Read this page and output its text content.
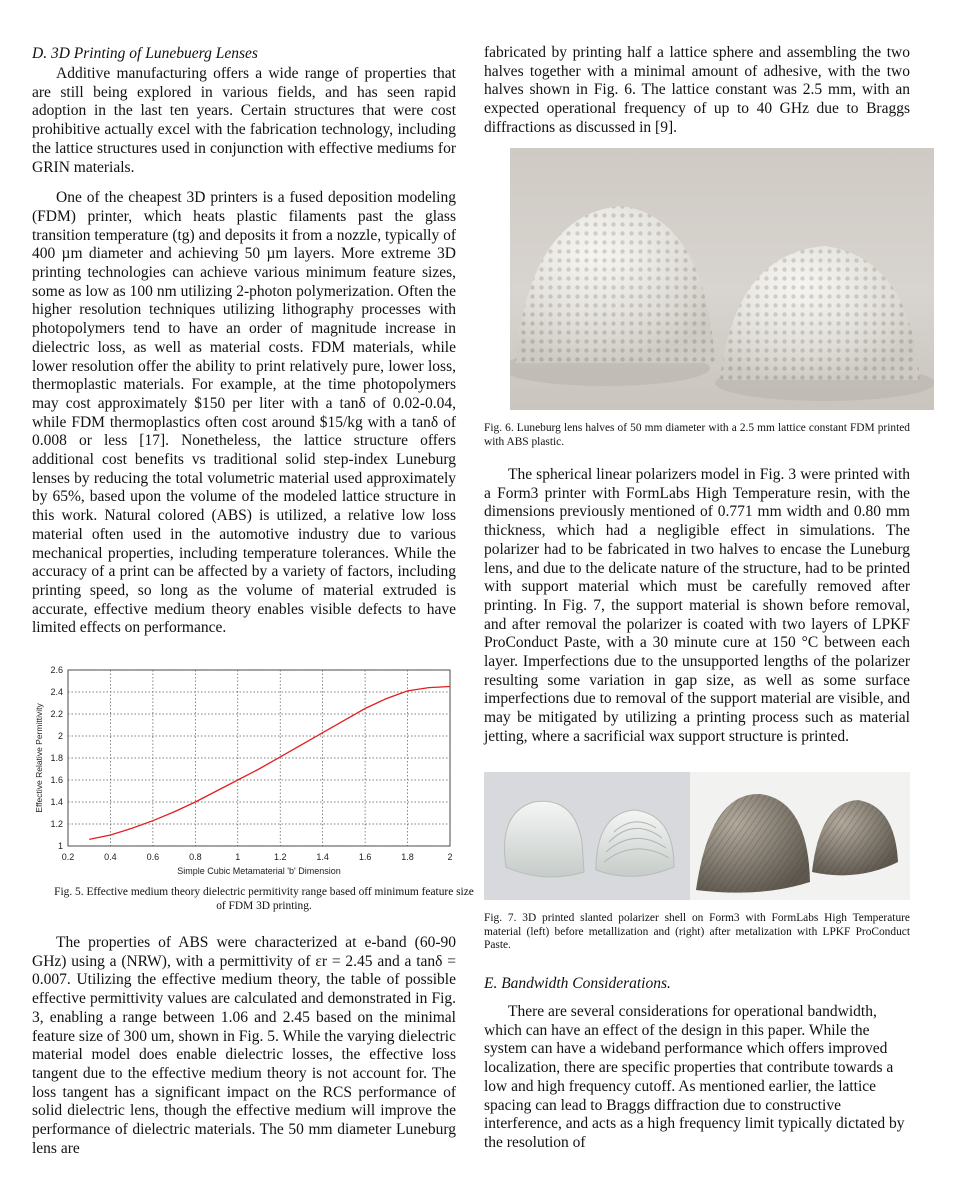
D. 3D Printing of Lunebuerg Lenses

Additive manufacturing offers a wide range of properties that are still being explored in various fields, and has seen rapid adoption in the last ten years. Certain structures that were cost prohibitive actually excel with the fabrication technology, including the lattice structures used in conjunction with effective mediums for GRIN materials.

One of the cheapest 3D printers is a fused deposition modeling (FDM) printer, which heats plastic filaments past the glass transition temperature (tg) and deposits it from a nozzle, typically of 400 µm diameter and achieving 50 µm layers. More extreme 3D printing technologies can achieve various minimum feature sizes, some as low as 100 nm utilizing 2-photon polymerization. Often the higher resolution techniques utilizing lithography processes with photopolymers tend to have an order of magnitude increase in dielectric loss, as well as material costs. FDM materials, while lower resolution offer the ability to print relatively pure, lower loss, thermoplastic materials. For example, at the time photopolymers may cost approximately $150 per liter with a tanδ of 0.02-0.04, while FDM thermoplastics often cost around $15/kg with a tanδ of 0.008 or less [17]. Nonetheless, the lattice structure offers additional cost benefits vs traditional solid step-index Luneburg lenses by reducing the total volumetric material used approximately by 65%, based upon the volume of the modeled lattice structure in this work. Natural colored (ABS) is utilized, a relative low loss material often used in the automotive industry due to various mechanical properties, including temperature tolerances. While the accuracy of a print can be affected by a variety of factors, including printing speed, so long as the volume of material extruded is accurate, effective medium theory enables visible defects to have limited effects on performance.

0.2	0.4	0.6	0.8	1	1.2	1.4	1.6	1.8	2
1
1.2
1.4
1.6
1.8
2
2.2
2.4
2.6
Simple Cubic Metamaterial 'b' Dimension
Effective Relative Permittivity
Fig. 5. Effective medium theory dielectric permitivity range based off minimum feature size of FDM 3D printing.

The properties of ABS were characterized at e-band (60-90 GHz) using a (NRW), with a permittivity of εr = 2.45 and a tanδ = 0.007. Utilizing the effective medium theory, the table of possible effective permittivity values are calculated and demonstrated in Fig. 3, enabling a range between 1.06 and 2.45 based on the minimal feature size of 300 um, shown in Fig. 5. While the varying dielectric material model does enable dielectric losses, the effective loss tangent due to the effective medium theory is not account for. The loss tangent has a significant impact on the RCS performance of solid dielectric lens, though the effective medium will improve the performance of dielectric materials. The 50 mm diameter Luneburg lens are

fabricated by printing half a lattice sphere and assembling the two halves together with a minimal amount of adhesive, with the two halves shown in Fig. 6. The lattice constant was 2.5 mm, with an expected operational frequency of up to 40 GHz due to Braggs diffractions as discussed in [9].

Fig. 6. Luneburg lens halves of 50 mm diameter with a 2.5 mm lattice constant FDM printed with ABS plastic.

The spherical linear polarizers model in Fig. 3 were printed with a Form3 printer with FormLabs High Temperature resin, with the dimensions previously mentioned of 0.771 mm width and 0.80 mm thickness, which had a negligible effect in simulations. The polarizer had to be fabricated in two halves to encase the Luneburg lens, and due to the delicate nature of the structure, had to be printed with support material which must be carefully removed after printing. In Fig. 7, the support material is shown before removal, and after removal the polarizer is coated with two layers of LPKF ProConduct Paste, with a 30 minute cure at 150 °C between each layer. Imperfections due to the unsupported lengths of the polarizer resulting some variation in gap size, as well as some surface imperfections due to removal of the support material are visible, and may be mitigated by utilizing a printing process such as material jetting, where a sacrificial wax support structure is printed.

Fig. 7. 3D printed slanted polarizer shell on Form3 with FormLabs High Temperature material (left) before metallization and (right) after metalization with LPKF ProConduct Paste.
E. Bandwidth Considerations.

There are several considerations for operational bandwidth, which can have an effect of the design in this paper. While the system can have a wideband performance which offers improved localization, there are specific properties that contribute towards a low and high frequency cutoff. As mentioned earlier, the lattice spacing can lead to Braggs diffraction due to constructive interference, and acts as a high frequency limit typically dictated by the resolution of
